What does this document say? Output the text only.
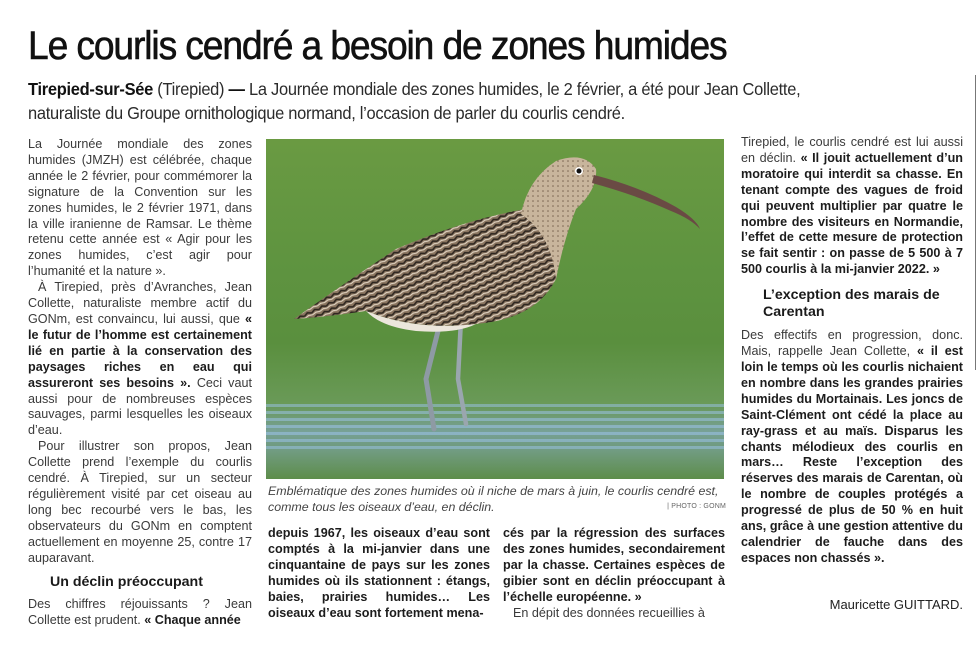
Le courlis cendré a besoin de zones humides
Tirepied-sur-Sée (Tirepied) — La Journée mondiale des zones humides, le 2 février, a été pour Jean Collette, naturaliste du Groupe ornithologique normand, l’occasion de parler du courlis cendré.

La Journée mondiale des zones humides (JMZH) est célébrée, chaque année le 2 février, pour commémorer la signature de la Convention sur les zones humides, le 2 février 1971, dans la ville iranienne de Ramsar. Le thème retenu cette année est « Agir pour les zones humides, c’est agir pour l’humanité et la nature ».

À Tirepied, près d’Avranches, Jean Collette, naturaliste membre actif du GONm, est convaincu, lui aussi, que « le futur de l’homme est certainement lié en partie à la conservation des paysages riches en eau qui assureront ses besoins ». Ceci vaut aussi pour de nombreuses espèces sauvages, parmi lesquelles les oiseaux d’eau.

Pour illustrer son propos, Jean Collette prend l’exemple du courlis cendré. À Tirepied, sur un secteur régulièrement visité par cet oiseau au long bec recourbé vers le bas, les observateurs du GONm en comptent actuellement en moyenne 25, contre 17 auparavant.

Un déclin préoccupant

Des chiffres réjouissants ? Jean Collette est prudent. « Chaque année

Emblématique des zones humides où il niche de mars à juin, le courlis cendré est, comme tous les oiseaux d’eau, en déclin.	| PHOTO : GONM

depuis 1967, les oiseaux d’eau sont comptés à la mi-janvier dans une cinquantaine de pays sur les zones humides où ils stationnent : étangs, baies, prairies humides… Les oiseaux d’eau sont fortement mena-

cés par la régression des surfaces des zones humides, secondairement par la chasse. Certaines espèces de gibier sont en déclin préoccupant à l’échelle européenne. »

En dépit des données recueillies à

Tirepied, le courlis cendré est lui aussi en déclin. « Il jouit actuellement d’un moratoire qui interdit sa chasse. En tenant compte des vagues de froid qui peuvent multiplier par quatre le nombre des visiteurs en Normandie, l’effet de cette mesure de protection se fait sentir : on passe de 5 500 à 7 500 courlis à la mi-janvier 2022. »

L’exception des marais de Carentan

Des effectifs en progression, donc. Mais, rappelle Jean Collette, « il est loin le temps où les courlis nichaient en nombre dans les grandes prairies humides du Mortainais. Les joncs de Saint-Clément ont cédé la place au ray-grass et au maïs. Disparus les chants mélodieux des courlis en mars… Reste l’exception des réserves des marais de Carentan, où le nombre de couples protégés a progressé de plus de 50 % en huit ans, grâce à une gestion attentive du calendrier de fauche dans des espaces non chassés ».

Mauricette GUITTARD.
